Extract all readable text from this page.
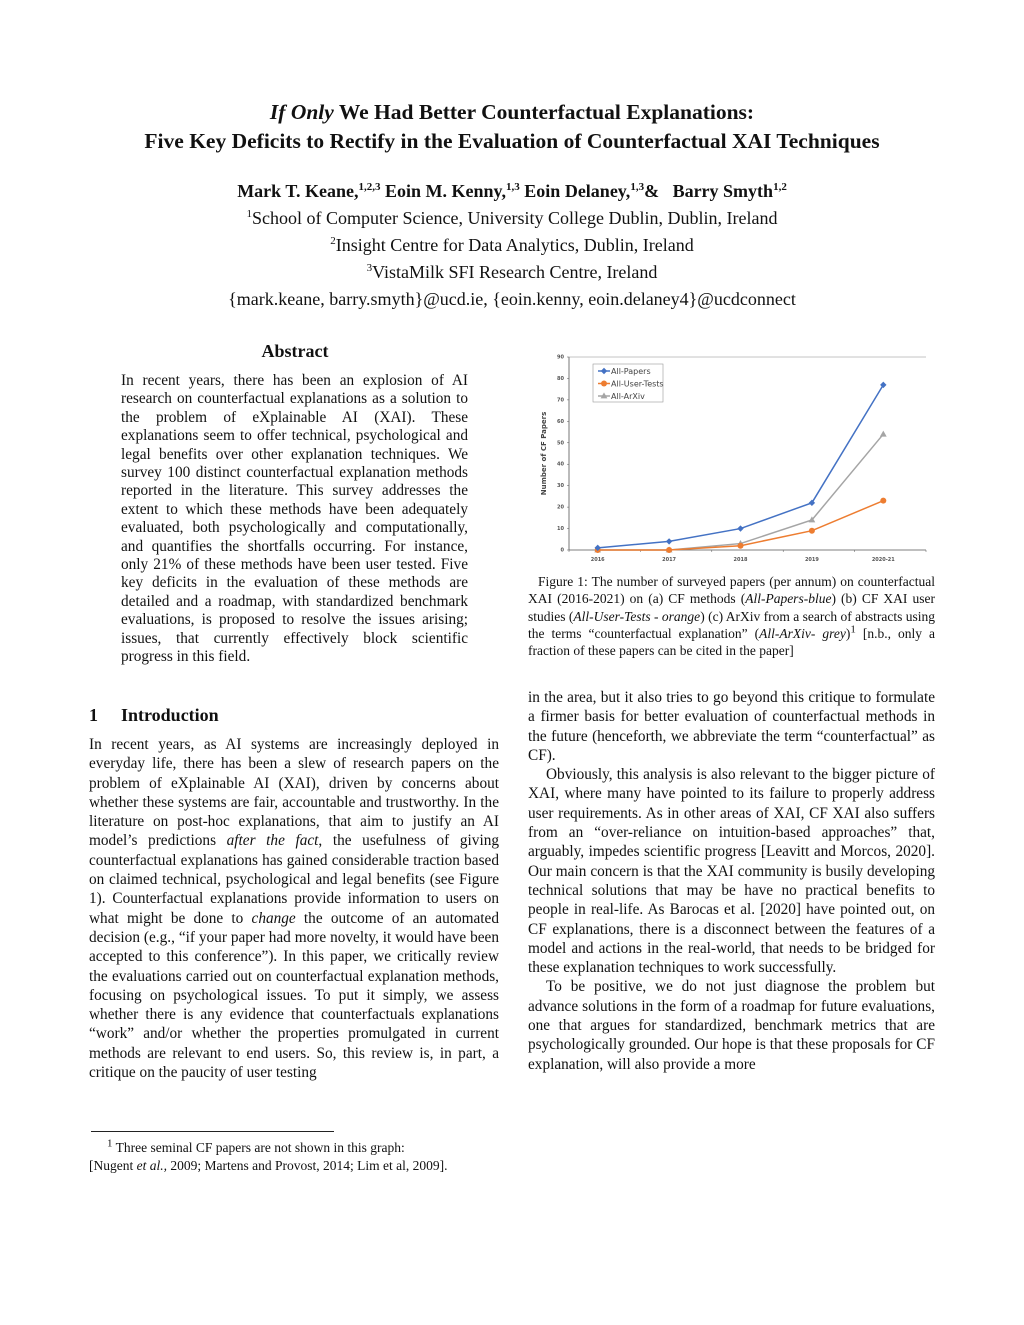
If Only We Had Better Counterfactual Explanations:
Five Key Deficits to Rectify in the Evaluation of Counterfactual XAI Techniques
Mark T. Keane,$^{1,2,3}$ Eoin M. Kenny,$^{1,3}$ Eoin Delaney,$^{1,3}$& Barry Smyth$^{1,2}$
$^1$School of Computer Science, University College Dublin, Dublin, Ireland
$^2$Insight Centre for Data Analytics, Dublin, Ireland
$^3$VistaMilk SFI Research Centre, Ireland
{mark.keane, barry.smyth}@ucd.ie, {eoin.kenny, eoin.delaney4}@ucdconnect
Abstract
In recent years, there has been an explosion of AI research on counterfactual explanations as a solution to the problem of eXplainable AI (XAI). These explanations seem to offer technical, psychological and legal benefits over other explanation techniques. We survey 100 distinct counterfactual explanation methods reported in the literature. This survey addresses the extent to which these methods have been adequately evaluated, both psychologically and computationally, and quantifies the shortfalls occurring. For instance, only 21% of these methods have been user tested. Five key deficits in the evaluation of these methods are detailed and a roadmap, with standardized benchmark evaluations, is proposed to resolve the issues arising; issues, that currently effectively block scientific progress in this field.
1 Introduction

In recent years, as AI systems are increasingly deployed in everyday life, there has been a slew of research papers on the problem of eXplainable AI (XAI), driven by concerns about whether these systems are fair, accountable and trustworthy. In the literature on post-hoc explanations, that aim to justify an AI model’s predictions after the fact, the usefulness of giving counterfactual explanations has gained considerable traction based on claimed technical, psychological and legal benefits (see Figure 1). Counterfactual explanations provide information to users on what might be done to change the outcome of an automated decision (e.g., “if your paper had more novelty, it would have been accepted to this conference”). In this paper, we critically review the evaluations carried out on counterfactual explanation methods, focusing on psychological issues. To put it simply, we assess whether there is any evidence that counterfactuals explanations “work” and/or whether the properties promulgated in current methods are relevant to end users. So, this review is, in part, a critique on the paucity of user testing

0
10
20
30
40
50
60
70
80
90
2016	2017	2018	2019	2020-21
All-Papers
All-User-Tests
All-ArXiv
Number of CF Papers
Figure 1: The number of surveyed papers (per annum) on counterfactual XAI (2016-2021) on (a) CF methods (All-Papers-blue) (b) CF XAI user studies (All-User-Tests - orange) (c) ArXiv from a search of abstracts using the terms “counterfactual explanation” (All-ArXiv- grey)$^1$ [n.b., only a fraction of these papers can be cited in the paper]

in the area, but it also tries to go beyond this critique to formulate a firmer basis for better evaluation of counterfactual methods in the future (henceforth, we abbreviate the term “counterfactual” as CF).

Obviously, this analysis is also relevant to the bigger picture of XAI, where many have pointed to its failure to properly address user requirements. As in other areas of XAI, CF XAI also suffers from an “over-reliance on intuition-based approaches” that, arguably, impedes scientific progress [Leavitt and Morcos, 2020]. Our main concern is that the XAI community is busily developing technical solutions that may be have no practical benefits to people in real-life. As Barocas et al. [2020] have pointed out, on CF explanations, there is a disconnect between the features of a model and actions in the real-world, that needs to be bridged for these explanation techniques to work successfully.

To be positive, we do not just diagnose the problem but advance solutions in the form of a roadmap for future evaluations, one that argues for standardized, benchmark metrics that are psychologically grounded. Our hope is that these proposals for CF explanation, will also provide a more

$^1$ Three seminal CF papers are not shown in this graph:
[Nugent et al., 2009; Martens and Provost, 2014; Lim et al, 2009].
